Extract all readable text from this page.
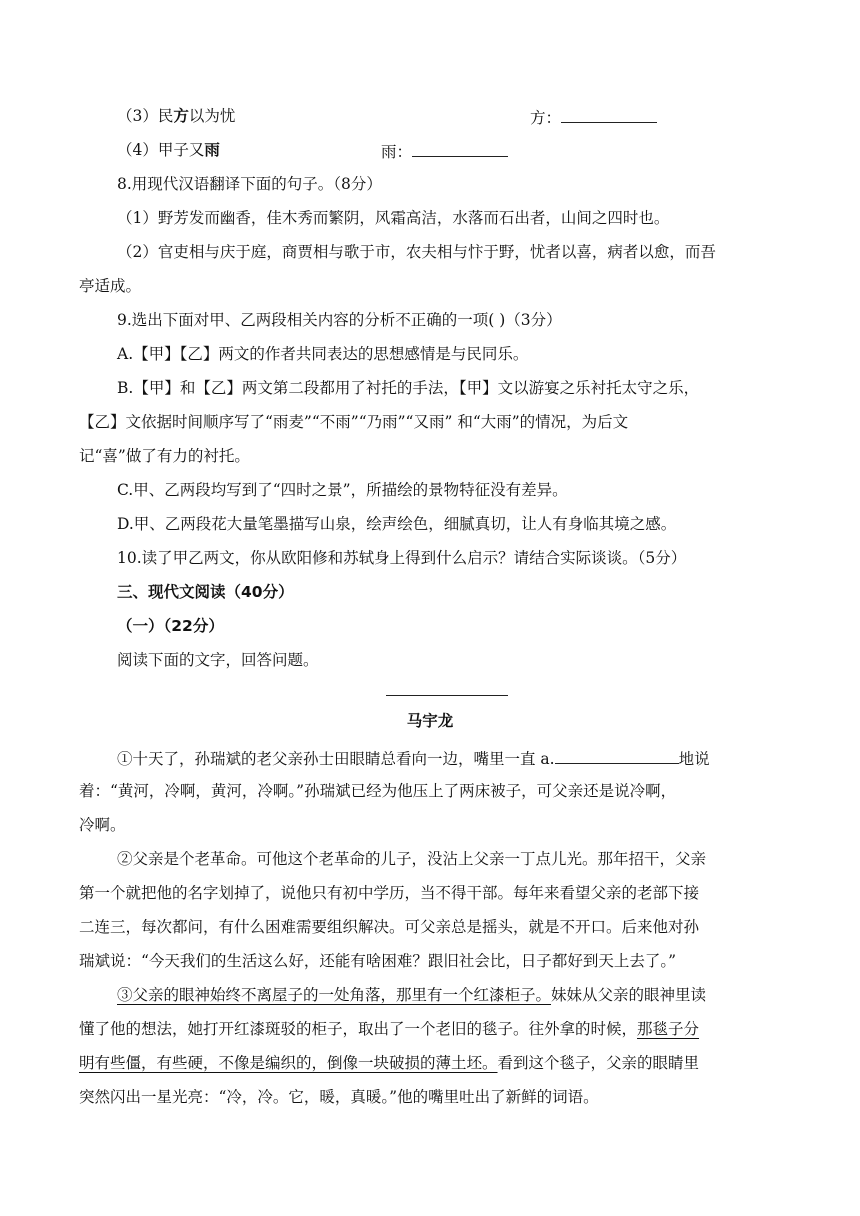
（3）民方以为忧	方：
（4）甲子又雨	雨：
8.用现代汉语翻译下面的句子。（8分）
（1）野芳发而幽香，佳木秀而繁阴，风霜高洁，水落而石出者，山间之四时也。
（2）官吏相与庆于庭，商贾相与歌于市，农夫相与忭于野，忧者以喜，病者以愈，而吾
亭适成。
9.选出下面对甲、乙两段相关内容的分析不正确的一项( )（3分）
A.【甲】【乙】两文的作者共同表达的思想感情是与民同乐。
B.【甲】和【乙】两文第二段都用了衬托的手法，【甲】文以游宴之乐衬托太守之乐，
【乙】文依据时间顺序写了“雨麦”“不雨”“乃雨”“又雨” 和“大雨”的情况，为后文
记“喜”做了有力的衬托。
C.甲、乙两段均写到了“四时之景”，所描绘的景物特征没有差异。
D.甲、乙两段花大量笔墨描写山泉，绘声绘色，细腻真切，让人有身临其境之感。
10.读了甲乙两文，你从欧阳修和苏轼身上得到什么启示？请结合实际谈谈。（5分）
三、现代文阅读（40分）
（一）（22分）
阅读下面的文字，回答问题。
马宇龙
①十天了，孙瑞斌的老父亲孙士田眼睛总看向一边，嘴里一直 a.	地说
着：“黄河，冷啊，黄河，冷啊。”孙瑞斌已经为他压上了两床被子，可父亲还是说冷啊，
冷啊。
②父亲是个老革命。可他这个老革命的儿子，没沾上父亲一丁点儿光。那年招干，父亲
第一个就把他的名字划掉了，说他只有初中学历，当不得干部。每年来看望父亲的老部下接
二连三，每次都问，有什么困难需要组织解决。可父亲总是摇头，就是不开口。后来他对孙
瑞斌说：“今天我们的生活这么好，还能有啥困难？跟旧社会比，日子都好到天上去了。”
③父亲的眼神始终不离屋子的一处角落，那里有一个红漆柜子。妹妹从父亲的眼神里读
懂了他的想法，她打开红漆斑驳的柜子，取出了一个老旧的毯子。往外拿的时候，那毯子分
明有些僵，有些硬，不像是编织的，倒像一块破损的薄土坯。看到这个毯子，父亲的眼睛里
突然闪出一星光亮：“冷，冷。它，暖，真暖。”他的嘴里吐出了新鲜的词语。
